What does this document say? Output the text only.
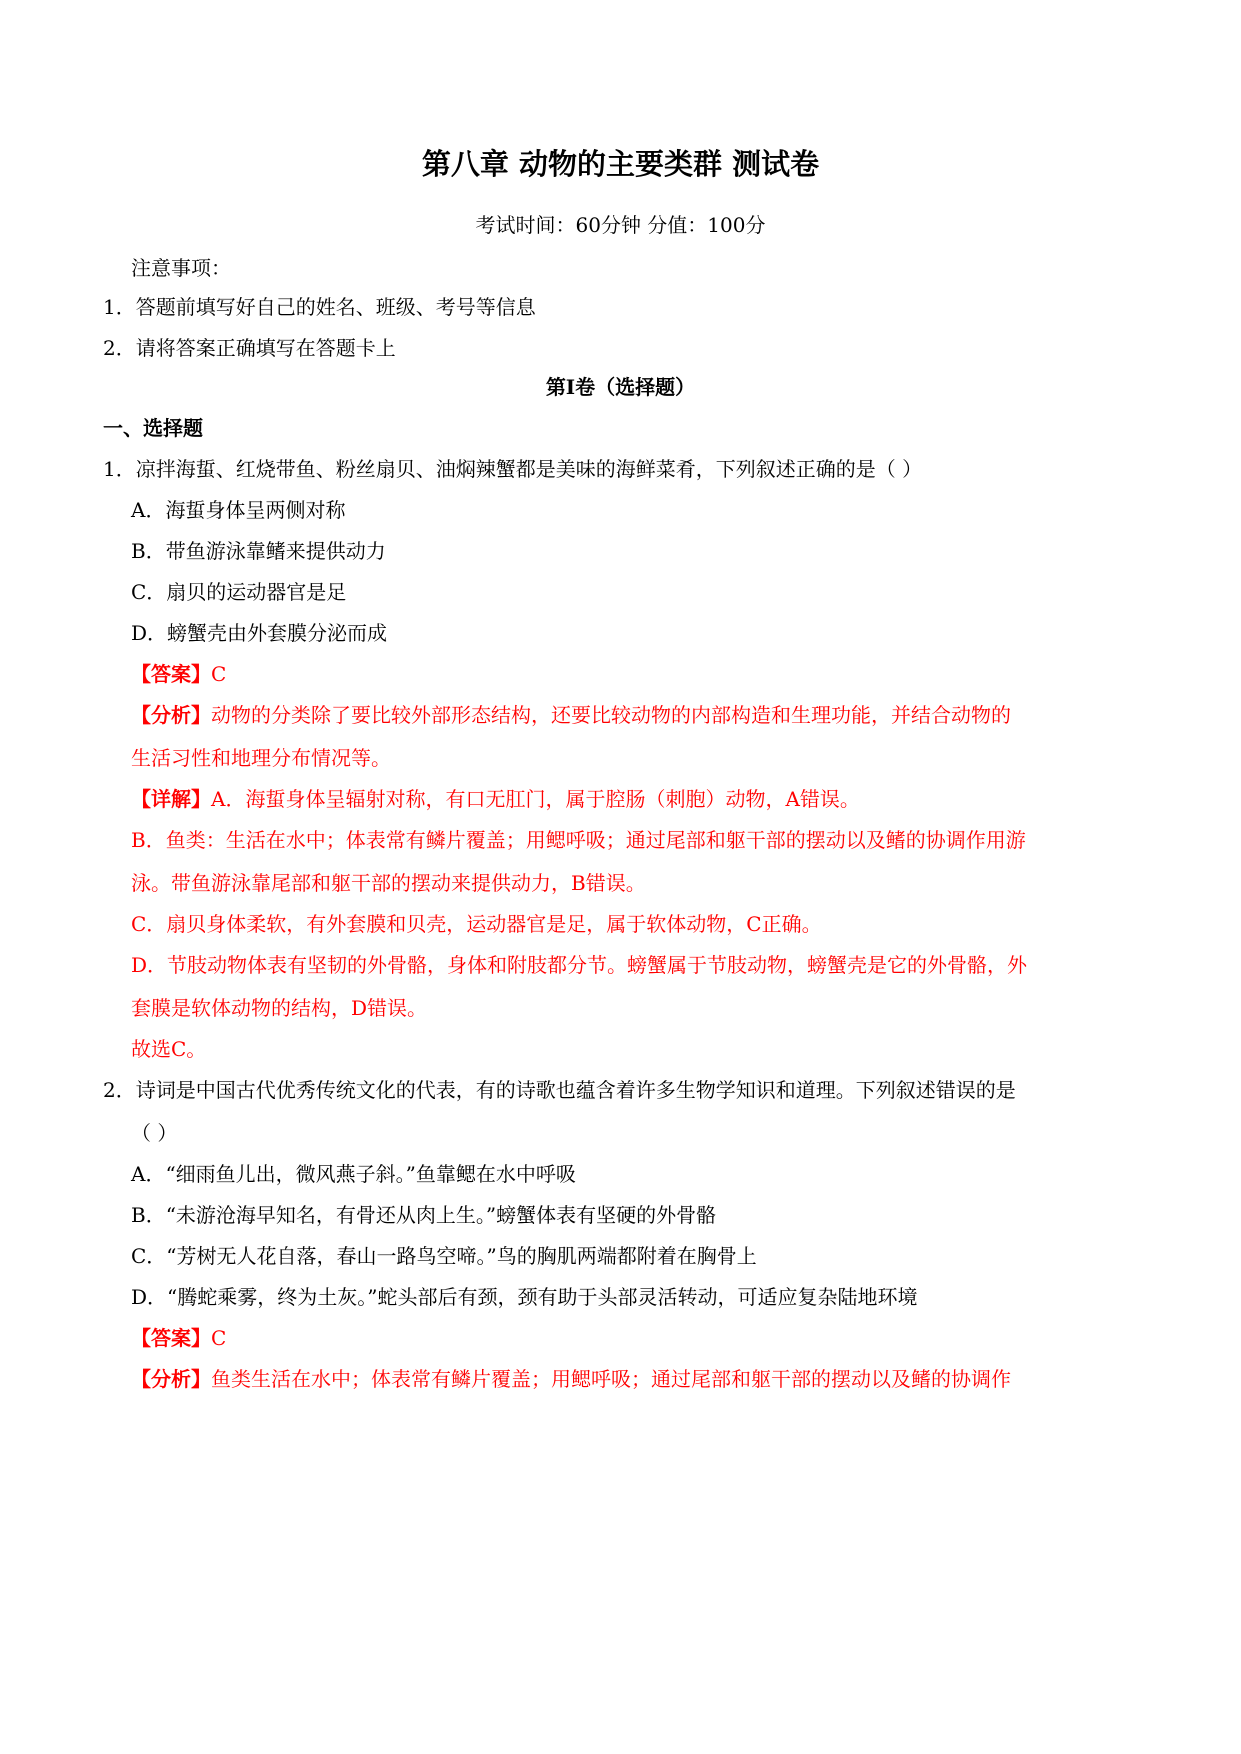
第八章 动物的主要类群 测试卷
考试时间：60分钟 分值：100分
注意事项：
1．答题前填写好自己的姓名、班级、考号等信息
2．请将答案正确填写在答题卡上
第Ⅰ卷（选择题）
一、选择题
1．凉拌海蜇、红烧带鱼、粉丝扇贝、油焖辣蟹都是美味的海鲜菜肴，下列叙述正确的是（ ）
A．海蜇身体呈两侧对称
B．带鱼游泳靠鳍来提供动力
C．扇贝的运动器官是足
D．螃蟹壳由外套膜分泌而成
【答案】C
【分析】动物的分类除了要比较外部形态结构，还要比较动物的内部构造和生理功能，并结合动物的
生活习性和地理分布情况等。
【详解】A．海蜇身体呈辐射对称，有口无肛门，属于腔肠（刺胞）动物，A错误。
B．鱼类：生活在水中；体表常有鳞片覆盖；用鳃呼吸；通过尾部和躯干部的摆动以及鳍的协调作用游
泳。带鱼游泳靠尾部和躯干部的摆动来提供动力，B错误。
C．扇贝身体柔软，有外套膜和贝壳，运动器官是足，属于软体动物，C正确。
D．节肢动物体表有坚韧的外骨骼，身体和附肢都分节。螃蟹属于节肢动物，螃蟹壳是它的外骨骼，外
套膜是软体动物的结构，D错误。
故选C。
2．诗词是中国古代优秀传统文化的代表，有的诗歌也蕴含着许多生物学知识和道理。下列叙述错误的是
（ ）
A．“细雨鱼儿出，微风燕子斜。”鱼靠鳃在水中呼吸
B．“未游沧海早知名，有骨还从肉上生。”螃蟹体表有坚硬的外骨骼
C．“芳树无人花自落，春山一路鸟空啼。”鸟的胸肌两端都附着在胸骨上
D．“腾蛇乘雾，终为土灰。”蛇头部后有颈，颈有助于头部灵活转动，可适应复杂陆地环境
【答案】C
【分析】鱼类生活在水中；体表常有鳞片覆盖；用鳃呼吸；通过尾部和躯干部的摆动以及鳍的协调作
